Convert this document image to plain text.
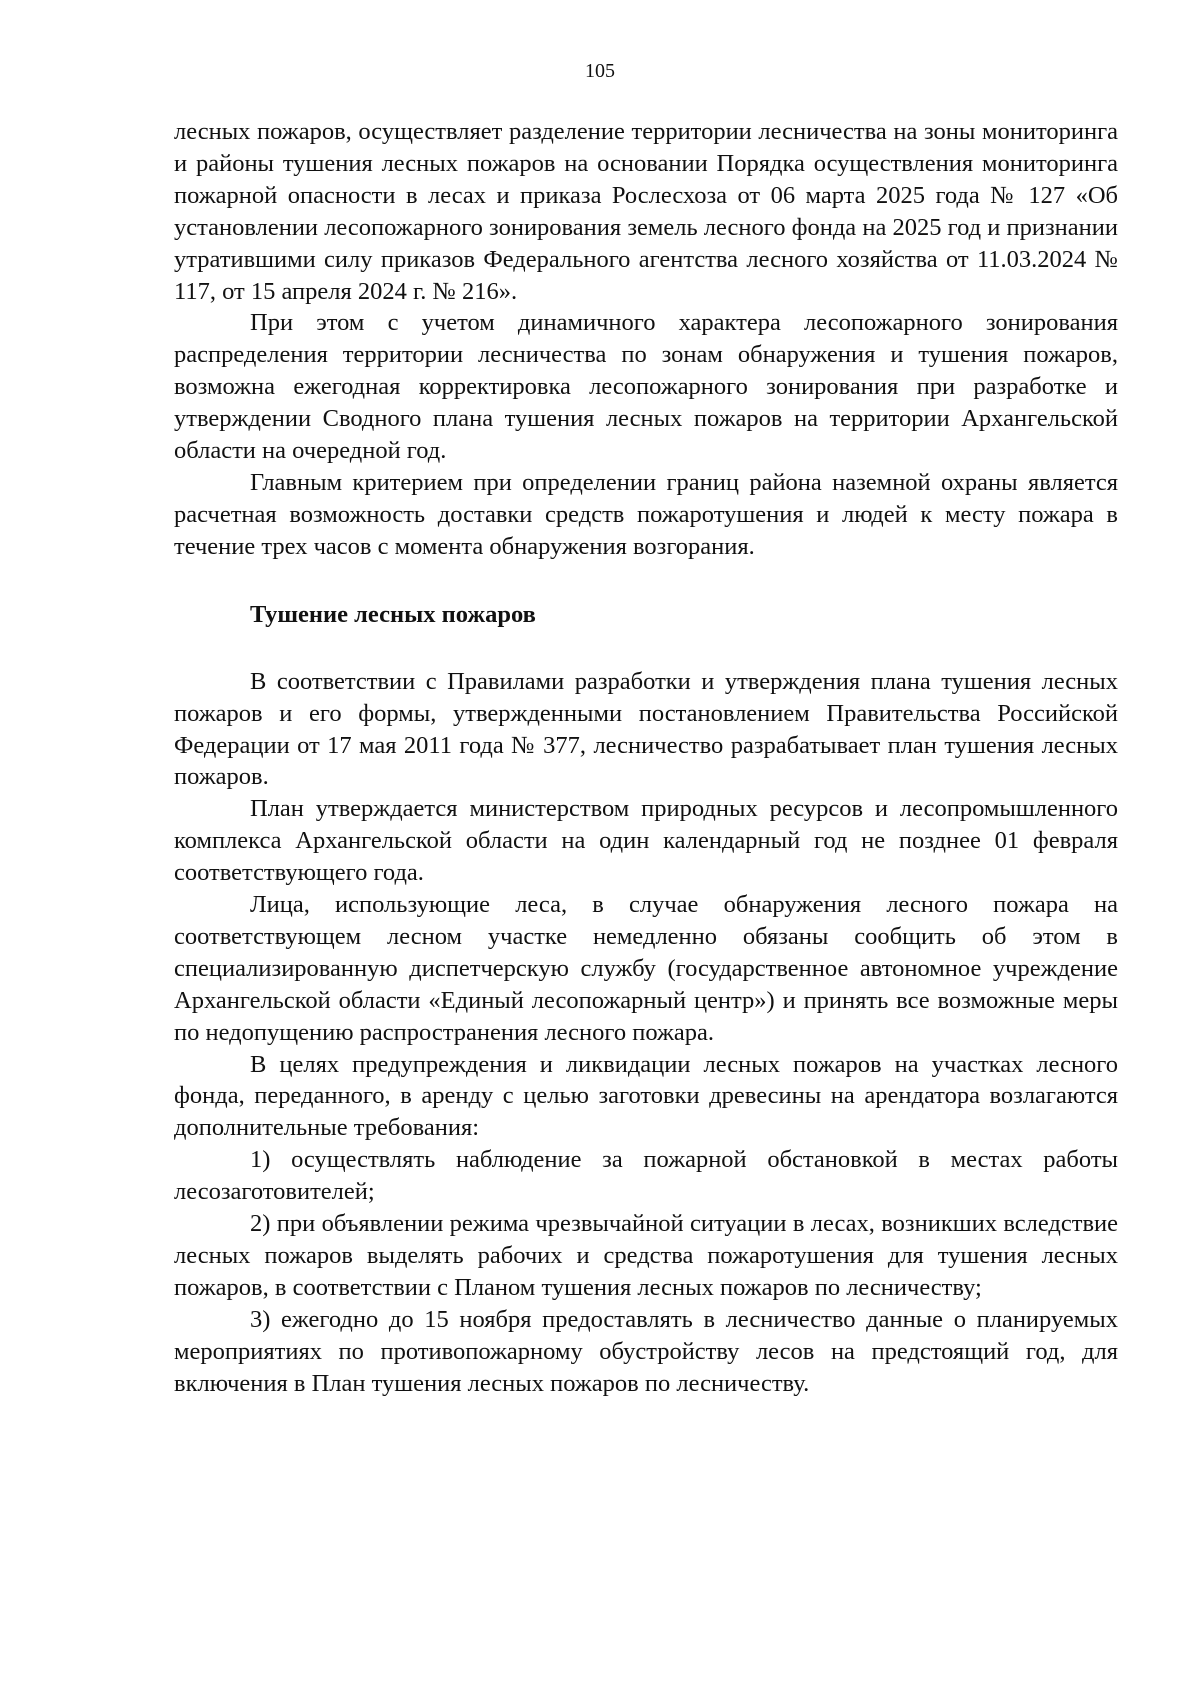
105

лесных пожаров, осуществляет разделение территории лесничества на зоны мониторинга и районы тушения лесных пожаров на основании Порядка осуществления мониторинга пожарной опасности в лесах и приказа Рослесхоза от 06 марта 2025 года № 127 «Об установлении лесопожарного зонирования земель лесного фонда на 2025 год и признании утратившими силу приказов Федерального агентства лесного хозяйства от 11.03.2024 № 117, от 15 апреля 2024 г. № 216».

При этом с учетом динамичного характера лесопожарного зонирования распределения территории лесничества по зонам обнаружения и тушения пожаров, возможна ежегодная корректировка лесопожарного зонирования при разработке и утверждении Сводного плана тушения лесных пожаров на территории Архангельской области на очередной год.

Главным критерием при определении границ района наземной охраны является расчетная возможность доставки средств пожаротушения и людей к месту пожара в течение трех часов с момента обнаружения возгорания.

Тушение лесных пожаров

В соответствии с Правилами разработки и утверждения плана тушения лесных пожаров и его формы, утвержденными постановлением Правительства Российской Федерации от 17 мая 2011 года № 377, лесничество разрабатывает план тушения лесных пожаров.

План утверждается министерством природных ресурсов и лесопромышленного комплекса Архангельской области на один календарный год не позднее 01 февраля соответствующего года.

Лица, использующие леса, в случае обнаружения лесного пожара на соответствующем лесном участке немедленно обязаны сообщить об этом в специализированную диспетчерскую службу (государственное автономное учреждение Архангельской области «Единый лесопожарный центр») и принять все возможные меры по недопущению распространения лесного пожара.

В целях предупреждения и ликвидации лесных пожаров на участках лесного фонда, переданного, в аренду с целью заготовки древесины на арендатора возлагаются дополнительные требования:

1) осуществлять наблюдение за пожарной обстановкой в местах работы лесозаготовителей;

2) при объявлении режима чрезвычайной ситуации в лесах, возникших вследствие лесных пожаров выделять рабочих и средства пожаротушения для тушения лесных пожаров, в соответствии с Планом тушения лесных пожаров по лесничеству;

3) ежегодно до 15 ноября предоставлять в лесничество данные о планируемых мероприятиях по противопожарному обустройству лесов на предстоящий год, для включения в План тушения лесных пожаров по лесничеству.
